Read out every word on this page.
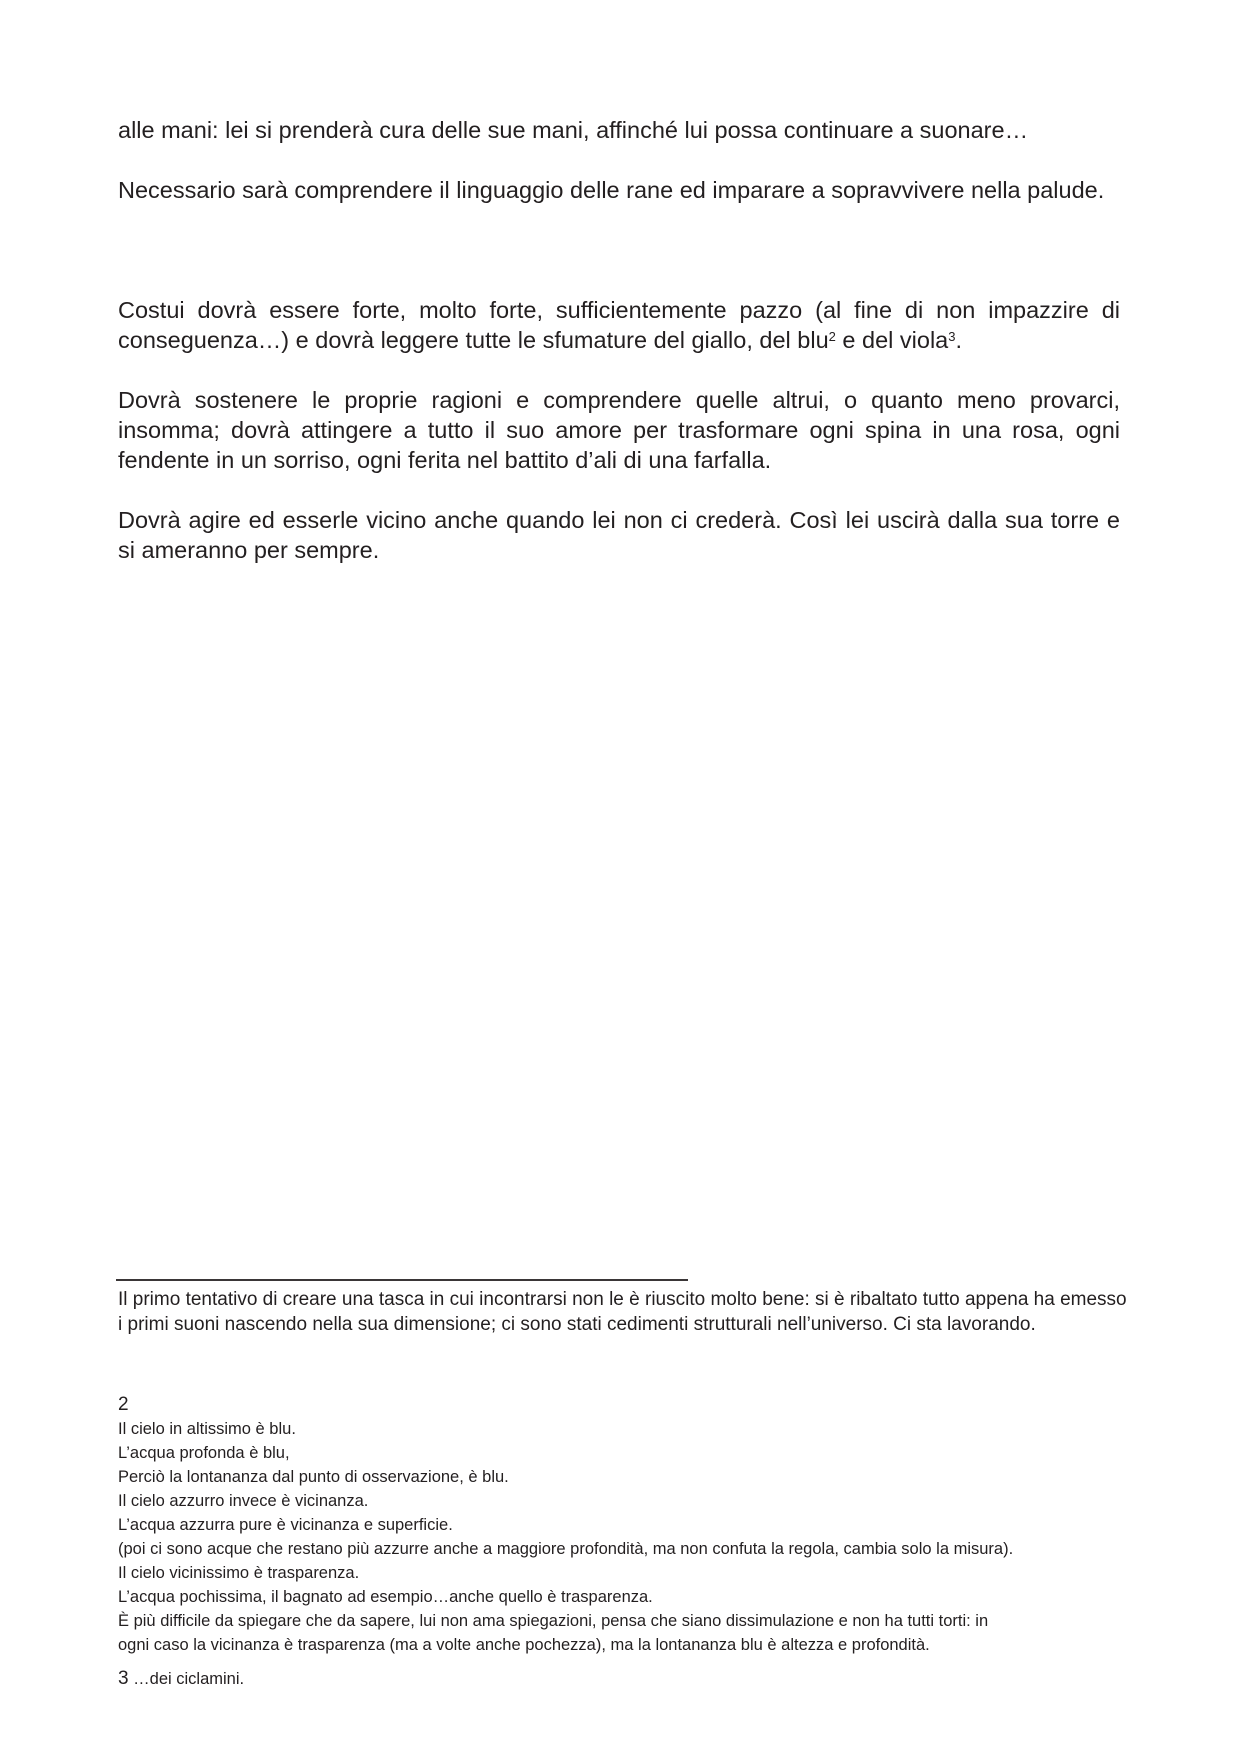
alle mani: lei si prenderà cura delle sue mani, affinché lui possa continuare a suonare…

Necessario sarà comprendere il linguaggio delle rane ed imparare a sopravvivere nella palude.

Costui dovrà essere forte, molto forte, sufficientemente pazzo (al fine di non impazzire di conseguenza…) e dovrà leggere tutte le sfumature del giallo, del blu$^2$ e del viola$^3$.

Dovrà sostenere le proprie ragioni e comprendere quelle altrui, o quanto meno provarci, insomma; dovrà attingere a tutto il suo amore per trasformare ogni spina in una rosa, ogni fendente in un sorriso, ogni ferita nel battito d’ali di una farfalla.

Dovrà agire ed esserle vicino anche quando lei non ci crederà. Così lei uscirà dalla sua torre e si ameranno per sempre.

Il primo tentativo di creare una tasca in cui incontrarsi non le è riuscito molto bene: si è ribaltato tutto appena ha emesso i primi suoni nascendo nella sua dimensione; ci sono stati cedimenti strutturali nell’universo. Ci sta lavorando.

2

Il cielo in altissimo è blu.
L’acqua profonda è blu,
Perciò la lontananza dal punto di osservazione, è blu.
Il cielo azzurro invece è vicinanza.
L’acqua azzurra pure è vicinanza e superficie.
(poi ci sono acque che restano più azzurre anche a maggiore profondità, ma non confuta la regola, cambia solo la misura).
Il cielo vicinissimo è trasparenza.
L’acqua pochissima, il bagnato ad esempio…anche quello è trasparenza.
È più difficile da spiegare che da sapere, lui non ama spiegazioni, pensa che siano dissimulazione e non ha tutti torti: in
ogni caso la vicinanza è trasparenza (ma a volte anche pochezza), ma la lontananza blu è altezza e profondità.

3 …dei ciclamini.
